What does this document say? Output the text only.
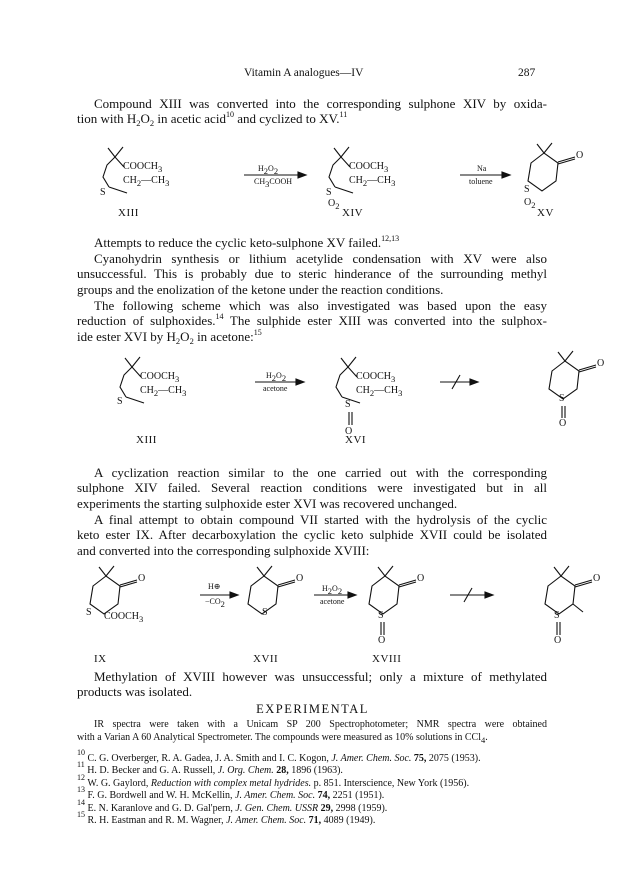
Vitamin A analogues—IV	287
Compound XIII was converted into the corresponding sulphone XIV by oxida-
tion with $H_2O_2$ in acetic acid$^{10}$ and cyclized to XV.$^{11}$
$COOCH_3$
$CH_2—CH_3$
S
$H_2O_2$
$CH_3COOH$
$COOCH_3$
$CH_2—CH_3$
S
$O_2$
Na
toluene
O
S
$O_2$
XIII	XIV	XV
Attempts to reduce the cyclic keto-sulphone XV failed.$^{12,13}$
Cyanohydrin synthesis or lithium acetylide condensation with XV were also
unsuccessful. This is probably due to steric hinderance of the surrounding methyl
groups and the enolization of the ketone under the reaction conditions.
The following scheme which was also investigated was based upon the easy
reduction of sulphoxides.$^{14}$ The sulphide ester XIII was converted into the sulphox-
ide ester XVI by $H_2O_2$ in acetone:$^{15}$
$COOCH_3$
$CH_2—CH_3$
S
$H_2O_2$
acetone
$COOCH_3$
$CH_2—CH_3$
S
O
O
S
O
XIII	XVI
A cyclization reaction similar to the one carried out with the corresponding
sulphone XIV failed. Several reaction conditions were investigated but in all
experiments the starting sulphoxide ester XVI was recovered unchanged.
A final attempt to obtain compound VII started with the hydrolysis of the cyclic
keto ester IX. After decarboxylation the cyclic keto sulphide XVII could be isolated
and converted into the corresponding sulphoxide XVIII:
O
S $COOCH_3$
H⊕
$-CO_2$
O
S
$H_2O_2$
acetone
O
S
O
O
S
O
IX	XVII	XVIII
Methylation of XVIII however was unsuccessful; only a mixture of methylated
products was isolated.
EXPERIMENTAL
IR spectra were taken with a Unicam SP 200 Spectrophotometer; NMR spectra were obtained
with a Varian A 60 Analytical Spectrometer. The compounds were measured as 10% solutions in CCl$_4$.
$^{10}$ C. G. Overberger, R. A. Gadea, J. A. Smith and I. C. Kogon, J. Amer. Chem. Soc. 75, 2075 (1953).
$^{11}$ H. D. Becker and G. A. Russell, J. Org. Chem. 28, 1896 (1963).
$^{12}$ W. G. Gaylord, Reduction with complex metal hydrides. p. 851. Interscience, New York (1956).
$^{13}$ F. G. Bordwell and W. H. McKellin, J. Amer. Chem. Soc. 74, 2251 (1951).
$^{14}$ E. N. Karanlove and G. D. Gal'pern, J. Gen. Chem. USSR 29, 2998 (1959).
$^{15}$ R. H. Eastman and R. M. Wagner, J. Amer. Chem. Soc. 71, 4089 (1949).
